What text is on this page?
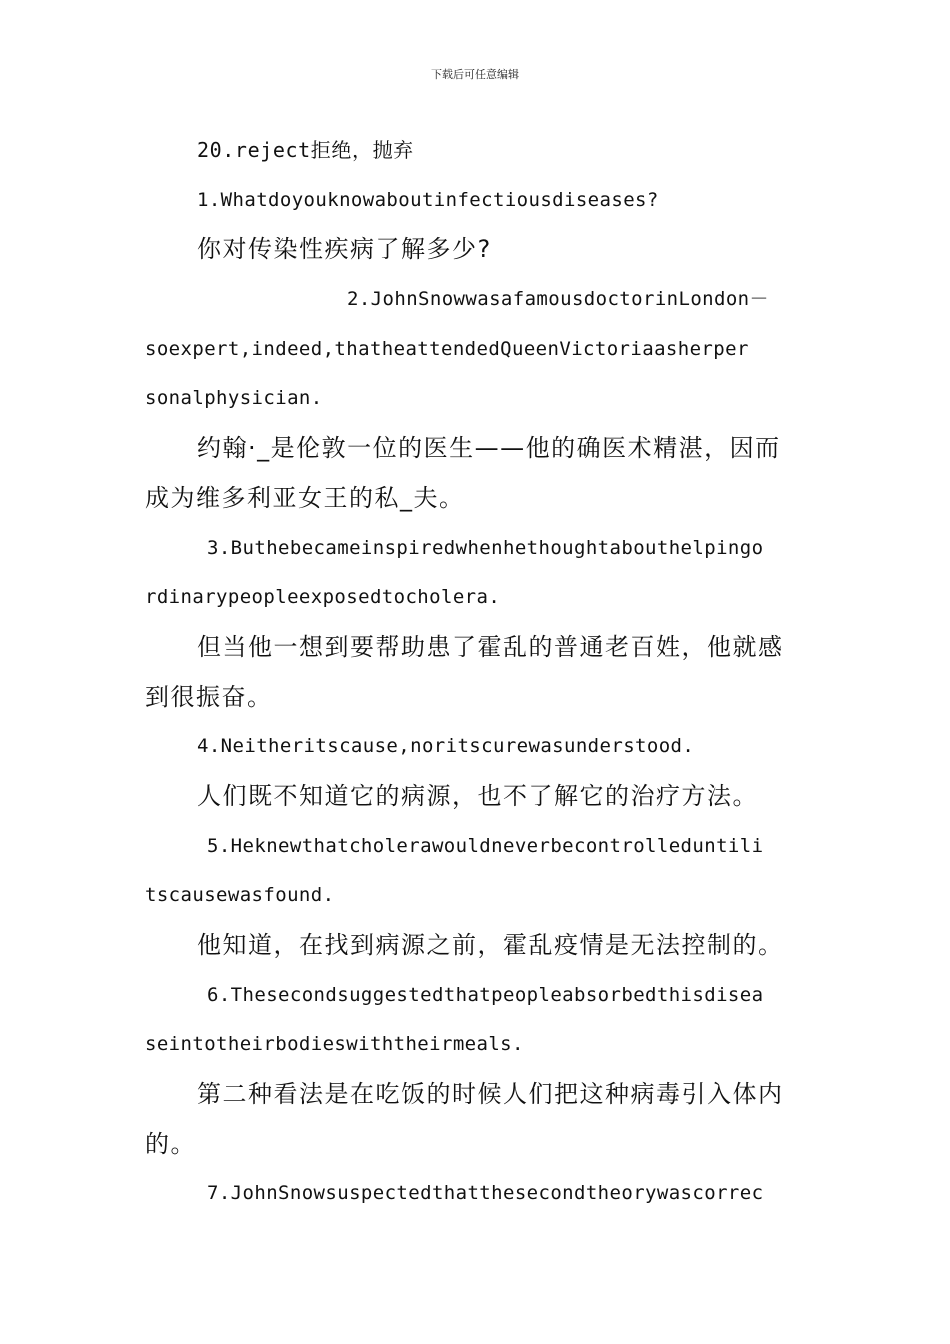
下载后可任意编辑
20.reject拒绝，抛弃
1.Whatdoyouknowaboutinfectiousdiseases?
你对传染性疾病了解多少?
2.JohnSnowwasafamousdoctorinLondon－
soexpert,indeed,thatheattendedQueenVictoriaasherper
sonalphysician.
约翰·_是伦敦一位的医生——他的确医术精湛，因而
成为维多利亚女王的私_夫。
3.Buthebecameinspiredwhenhethoughtabouthelpingo
rdinarypeopleexposedtocholera.
但当他一想到要帮助患了霍乱的普通老百姓，他就感
到很振奋。
4.Neitheritscause,noritscurewasunderstood.
人们既不知道它的病源，也不了解它的治疗方法。
5.Heknewthatcholerawouldneverbecontrolleduntili
tscausewasfound.
他知道，在找到病源之前，霍乱疫情是无法控制的。
6.Thesecondsuggestedthatpeopleabsorbedthisdisea
seintotheirbodieswiththeirmeals.
第二种看法是在吃饭的时候人们把这种病毒引入体内
的。
7.JohnSnowsuspectedthatthesecondtheorywascorrec
